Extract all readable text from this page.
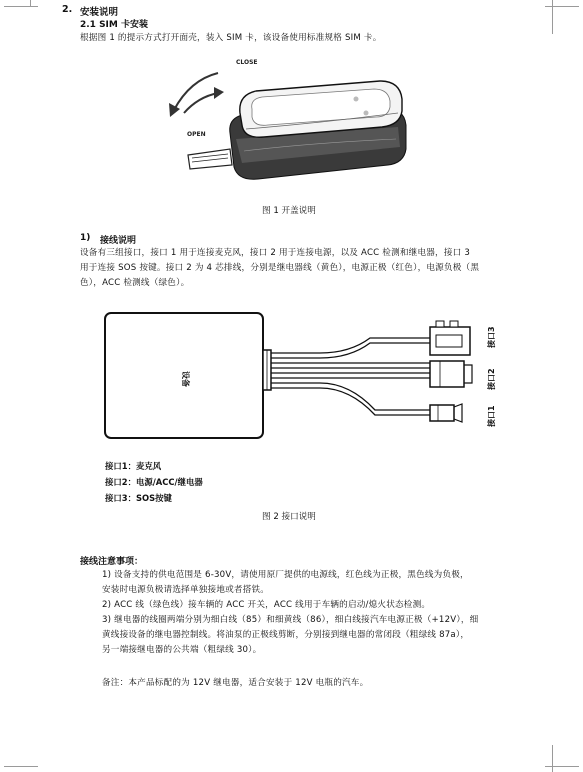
2. 安装说明
2.1 SIM 卡安装
根据图 1 的提示方式打开面壳，装入 SIM 卡，该设备使用标准规格 SIM 卡。
CLOSE
OPEN
图 1 开盖说明
1) 接线说明
设备有三组接口，接口 1 用于连接麦克风，接口 2 用于连接电源，以及 ACC 检测和继电器，接口 3
用于连接 SOS 按键。接口 2 为 4 芯排线，分别是继电器线（黄色），电源正极（红色），电源负极（黑
色），ACC 检测线（绿色）。
设备
接口3
接口2
接口1
接口1：麦克风
接口2：电源/ACC/继电器
接口3：SOS按键
图 2 接口说明
接线注意事项：
1) 设备支持的供电范围是 6-30V，请使用原厂提供的电源线，红色线为正极，黑色线为负极，
安装时电源负极请选择单独接地或者搭铁。
2) ACC 线（绿色线）接车辆的 ACC 开关，ACC 线用于车辆的启动/熄火状态检测。
3) 继电器的线圈两端分别为细白线（85）和细黄线（86），细白线接汽车电源正极（+12V），细
黄线接设备的继电器控制线。将油泵的正极线剪断，分别接到继电器的常闭段（粗绿线 87a），
另一端接继电器的公共端（粗绿线 30）。
备注：本产品标配的为 12V 继电器，适合安装于 12V 电瓶的汽车。
